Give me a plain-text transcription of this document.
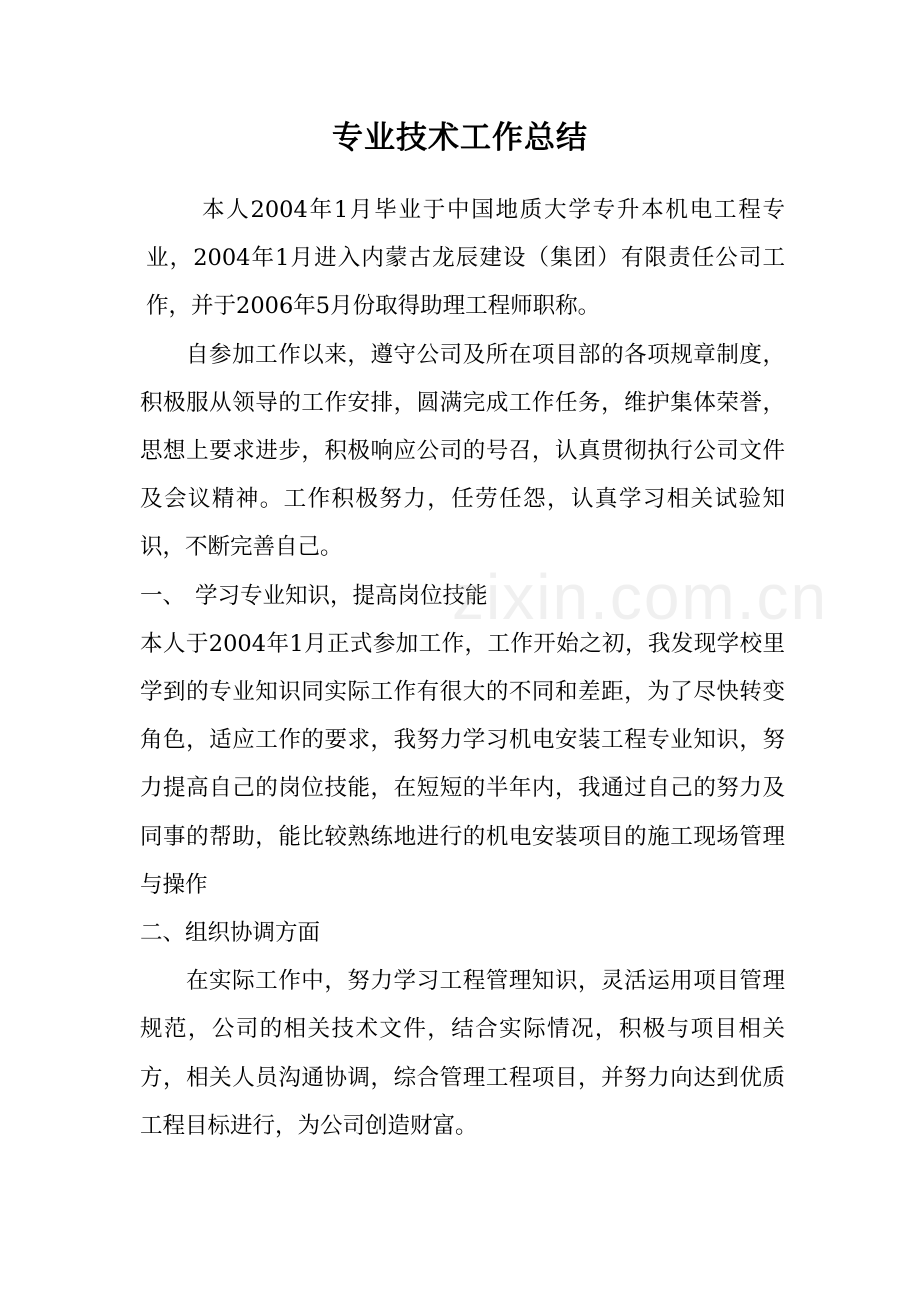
专业技术工作总结

本人2004年1月毕业于中国地质大学专升本机电工程专业，2004年1月进入内蒙古龙辰建设（集团）有限责任公司工作，并于2006年5月份取得助理工程师职称。

自参加工作以来，遵守公司及所在项目部的各项规章制度，积极服从领导的工作安排，圆满完成工作任务，维护集体荣誉，思想上要求进步，积极响应公司的号召，认真贯彻执行公司文件及会议精神。工作积极努力，任劳任怨，认真学习相关试验知识，不断完善自己。

一、 学习专业知识，提高岗位技能

本人于2004年1月正式参加工作，工作开始之初，我发现学校里学到的专业知识同实际工作有很大的不同和差距，为了尽快转变角色，适应工作的要求，我努力学习机电安装工程专业知识，努力提高自己的岗位技能，在短短的半年内，我通过自己的努力及同事的帮助，能比较熟练地进行的机电安装项目的施工现场管理与操作

二、组织协调方面

在实际工作中，努力学习工程管理知识，灵活运用项目管理规范，公司的相关技术文件，结合实际情况，积极与项目相关方，相关人员沟通协调，综合管理工程项目，并努力向达到优质工程目标进行，为公司创造财富。

zixin.com.cn
